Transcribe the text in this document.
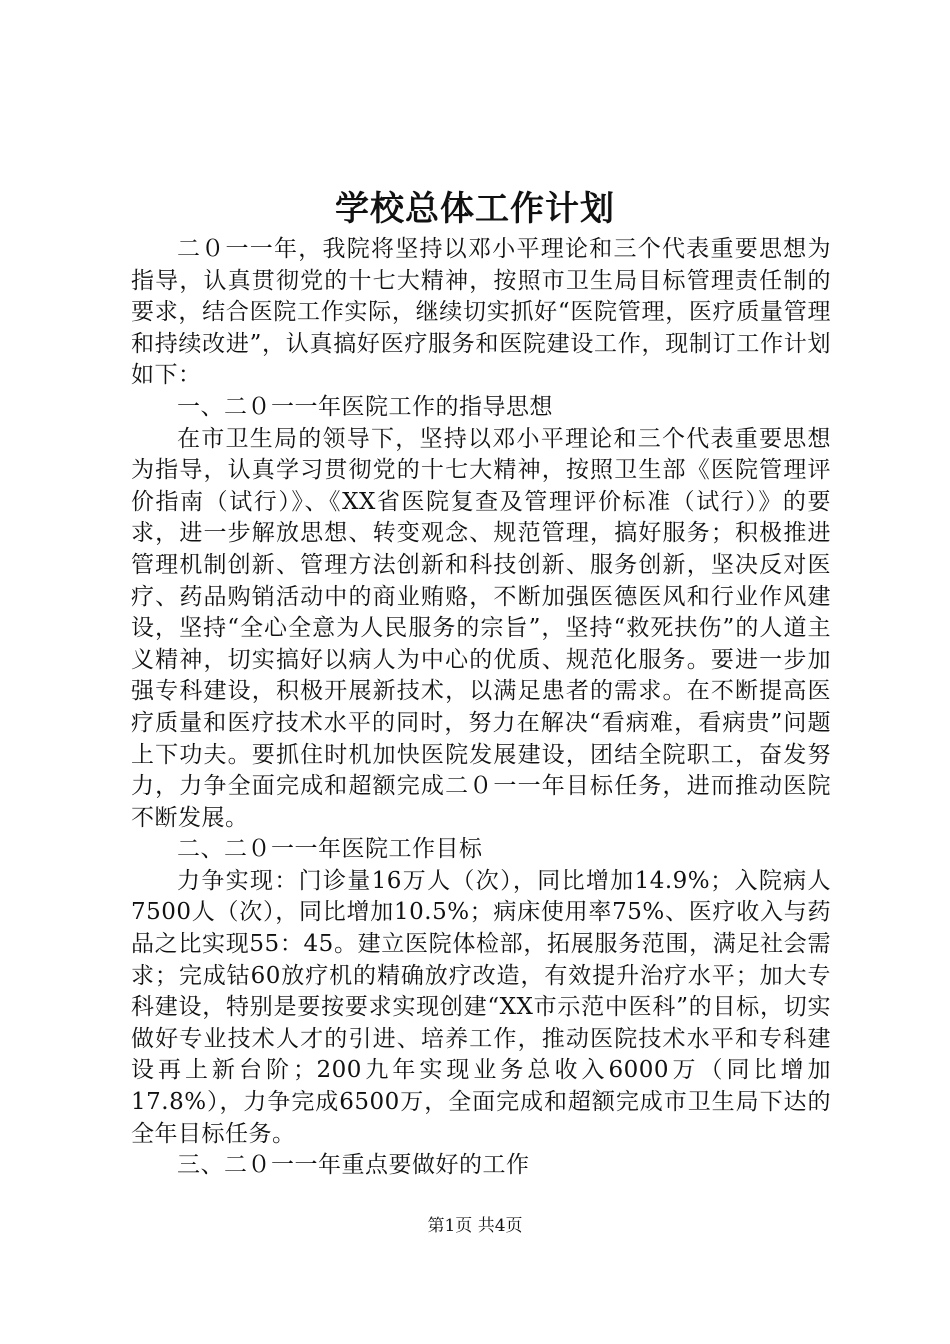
学校总体工作计划

二０一一年，我院将坚持以邓小平理论和三个代表重要思想为指导，认真贯彻党的十七大精神，按照市卫生局目标管理责任制的要求，结合医院工作实际，继续切实抓好“医院管理，医疗质量管理和持续改进”，认真搞好医疗服务和医院建设工作，现制订工作计划如下：

一、二０一一年医院工作的指导思想

在市卫生局的领导下，坚持以邓小平理论和三个代表重要思想为指导，认真学习贯彻党的十七大精神，按照卫生部《医院管理评价指南（试行）》、《XX省医院复查及管理评价标准（试行）》的要求，进一步解放思想、转变观念、规范管理，搞好服务；积极推进管理机制创新、管理方法创新和科技创新、服务创新，坚决反对医疗、药品购销活动中的商业贿赂，不断加强医德医风和行业作风建设，坚持“全心全意为人民服务的宗旨”，坚持“救死扶伤”的人道主义精神，切实搞好以病人为中心的优质、规范化服务。要进一步加强专科建设，积极开展新技术，以满足患者的需求。在不断提高医疗质量和医疗技术水平的同时，努力在解决“看病难，看病贵”问题上下功夫。要抓住时机加快医院发展建设，团结全院职工，奋发努力，力争全面完成和超额完成二０一一年目标任务，进而推动医院不断发展。

二、二０一一年医院工作目标

力争实现：门诊量16万人（次），同比增加14.9%；入院病人7500人（次），同比增加10.5%；病床使用率75%、医疗收入与药品之比实现55：45。建立医院体检部，拓展服务范围，满足社会需求；完成钴60放疗机的精确放疗改造，有效提升治疗水平；加大专科建设，特别是要按要求实现创建“XX市示范中医科”的目标，切实做好专业技术人才的引进、培养工作，推动医院技术水平和专科建设再上新台阶；200九年实现业务总收入6000万（同比增加17.8%），力争完成6500万，全面完成和超额完成市卫生局下达的全年目标任务。

三、二０一一年重点要做好的工作

第1页 共4页
